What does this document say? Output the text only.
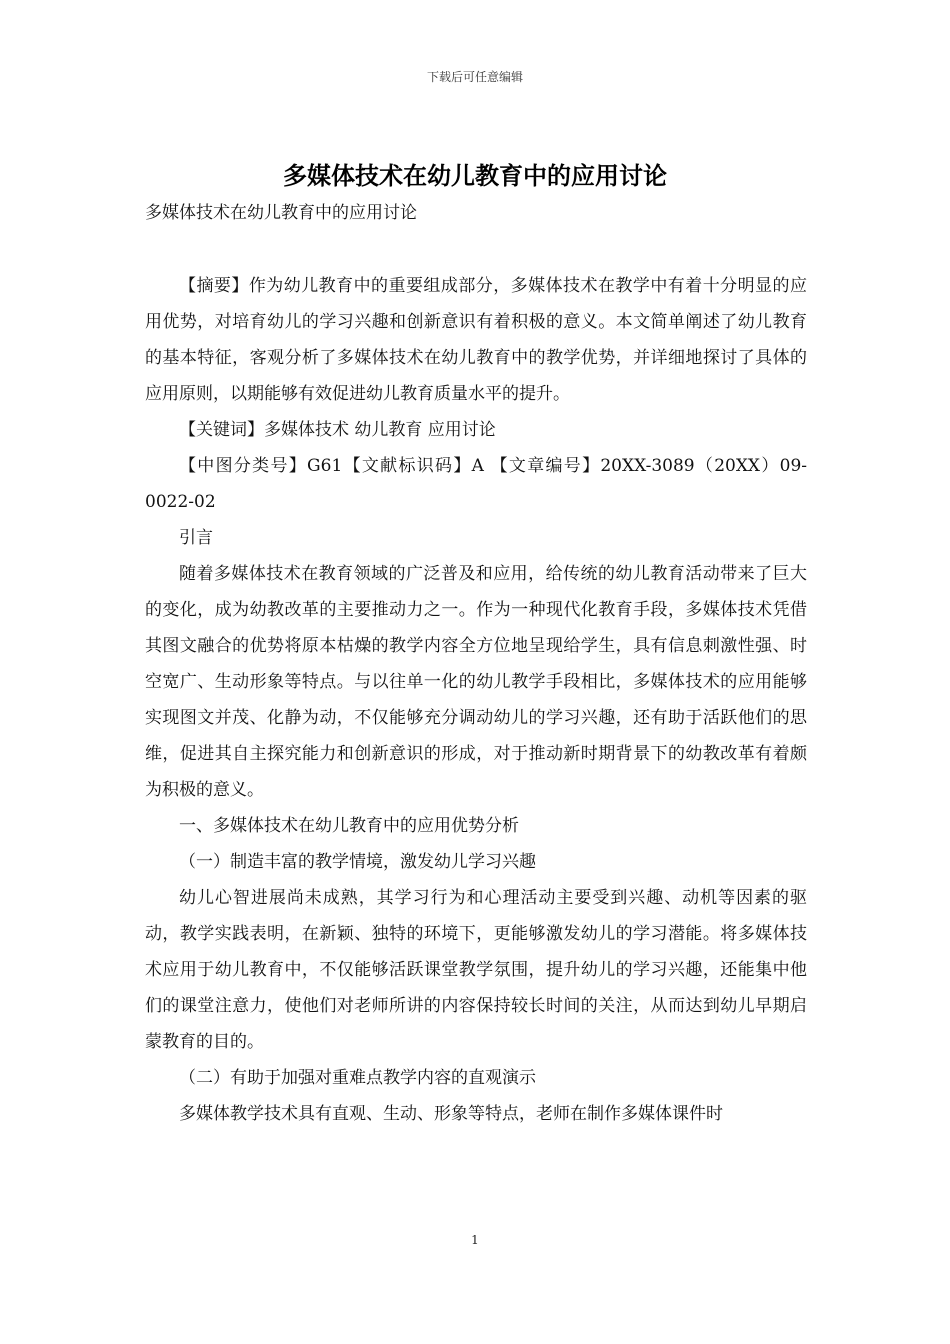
下载后可任意编辑
多媒体技术在幼儿教育中的应用讨论
多媒体技术在幼儿教育中的应用讨论

【摘要】作为幼儿教育中的重要组成部分，多媒体技术在教学中有着十分明显的应用优势，对培育幼儿的学习兴趣和创新意识有着积极的意义。本文简单阐述了幼儿教育的基本特征，客观分析了多媒体技术在幼儿教育中的教学优势，并详细地探讨了具体的应用原则，以期能够有效促进幼儿教育质量水平的提升。

【关键词】多媒体技术 幼儿教育 应用讨论

【中图分类号】G61【文献标识码】A 【文章编号】20XX-3089（20XX）09-0022-02

引言

随着多媒体技术在教育领域的广泛普及和应用，给传统的幼儿教育活动带来了巨大的变化，成为幼教改革的主要推动力之一。作为一种现代化教育手段，多媒体技术凭借其图文融合的优势将原本枯燥的教学内容全方位地呈现给学生，具有信息刺激性强、时空宽广、生动形象等特点。与以往单一化的幼儿教学手段相比，多媒体技术的应用能够实现图文并茂、化静为动，不仅能够充分调动幼儿的学习兴趣，还有助于活跃他们的思维，促进其自主探究能力和创新意识的形成，对于推动新时期背景下的幼教改革有着颇为积极的意义。

一、多媒体技术在幼儿教育中的应用优势分析

（一）制造丰富的教学情境，激发幼儿学习兴趣

幼儿心智进展尚未成熟，其学习行为和心理活动主要受到兴趣、动机等因素的驱动，教学实践表明，在新颖、独特的环境下，更能够激发幼儿的学习潜能。将多媒体技术应用于幼儿教育中，不仅能够活跃课堂教学氛围，提升幼儿的学习兴趣，还能集中他们的课堂注意力，使他们对老师所讲的内容保持较长时间的关注，从而达到幼儿早期启蒙教育的目的。

（二）有助于加强对重难点教学内容的直观演示

多媒体教学技术具有直观、生动、形象等特点，老师在制作多媒体课件时

1
